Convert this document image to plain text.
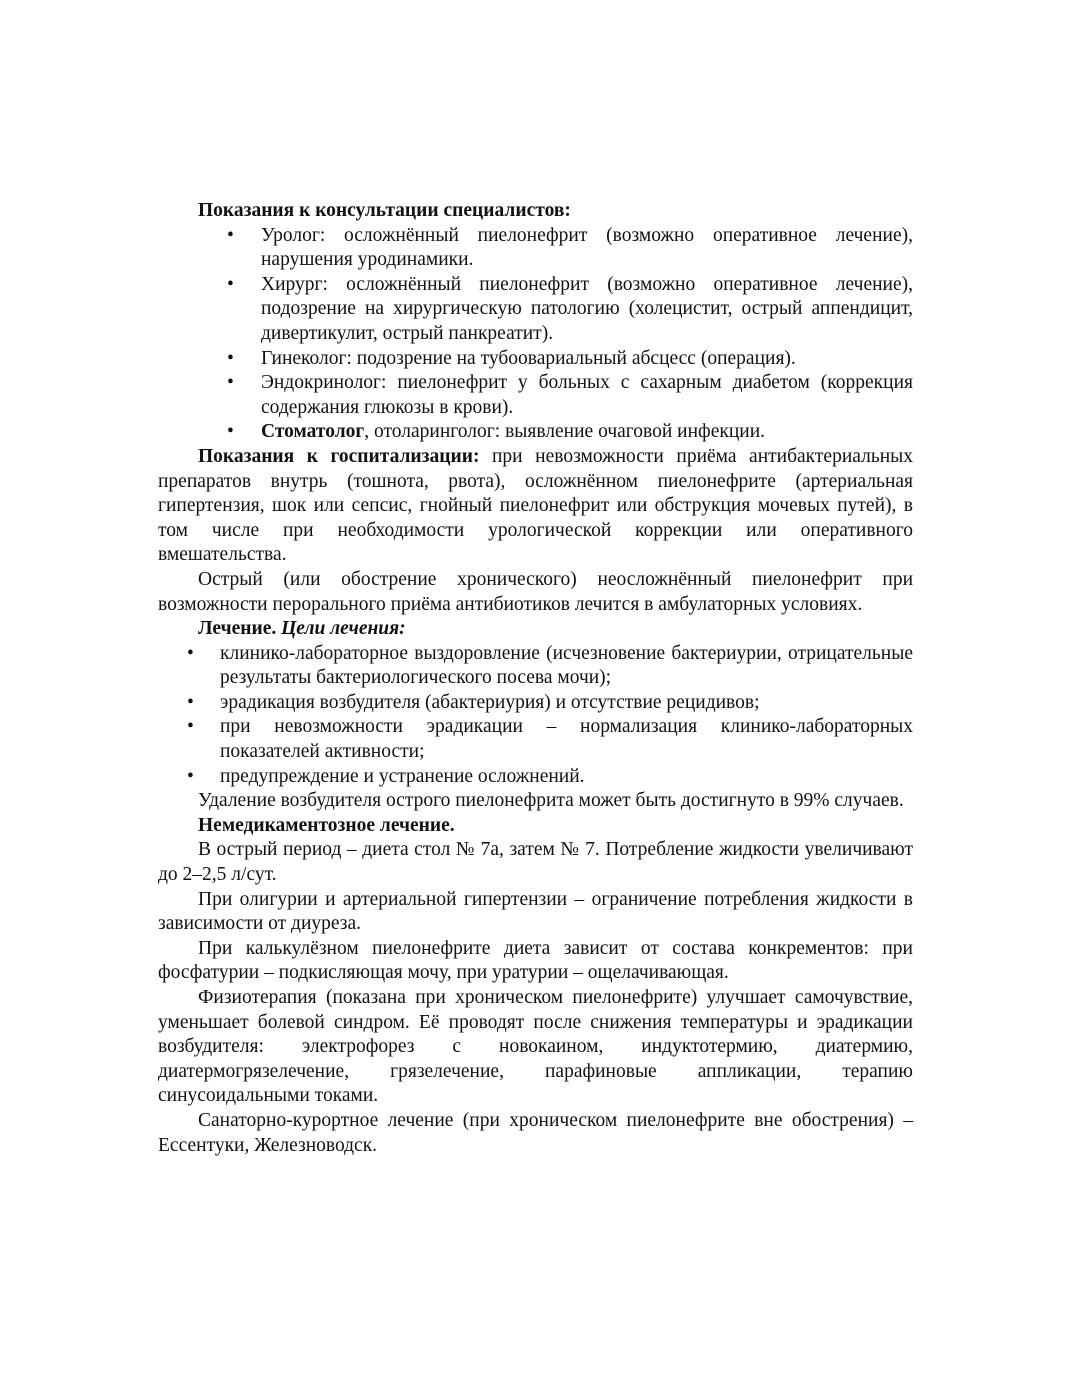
Показания к консультации специалистов:

• Уролог: осложнённый пиелонефрит (возможно оперативное лечение), нарушения уродинамики.
• Хирург: осложнённый пиелонефрит (возможно оперативное лечение), подозрение на хирургическую патологию (холецистит, острый аппендицит, дивертикулит, острый панкреатит).
• Гинеколог: подозрение на тубоовариальный абсцесс (операция).
• Эндокринолог: пиелонефрит у больных с сахарным диабетом (коррекция содержания глюкозы в крови).
• Стоматолог, отоларинголог: выявление очаговой инфекции.

Показания к госпитализации: при невозможности приёма антибактериальных препаратов внутрь (тошнота, рвота), осложнённом пиелонефрите (артериальная гипертензия, шок или сепсис, гнойный пиелонефрит или обструкция мочевых путей), в том числе при необходимости урологической коррекции или оперативного вмешательства.

Острый (или обострение хронического) неосложнённый пиелонефрит при возможности перорального приёма антибиотиков лечится в амбулаторных условиях.

Лечение. Цели лечения:

• клинико-лабораторное выздоровление (исчезновение бактериурии, отрицательные результаты бактериологического посева мочи);
• эрадикация возбудителя (абактериурия) и отсутствие рецидивов;
• при невозможности эрадикации – нормализация клинико-лабораторных показателей активности;
• предупреждение и устранение осложнений.

Удаление возбудителя острого пиелонефрита может быть достигнуто в 99% случаев.

Немедикаментозное лечение.

В острый период – диета стол № 7а, затем № 7. Потребление жидкости увеличивают до 2–2,5 л/сут.

При олигурии и артериальной гипертензии – ограничение потребления жидкости в зависимости от диуреза.

При калькулёзном пиелонефрите диета зависит от состава конкрементов: при фосфатурии – подкисляющая мочу, при уратурии – ощелачивающая.

Физиотерапия (показана при хроническом пиелонефрите) улучшает самочувствие, уменьшает болевой синдром. Её проводят после снижения температуры и эрадикации возбудителя: электрофорез с новокаином, индуктотермию, диатермию, диатермогрязелечение, грязелечение, парафиновые аппликации, терапию синусоидальными токами.

Санаторно-курортное лечение (при хроническом пиелонефрите вне обострения) – Ессентуки, Железноводск.
